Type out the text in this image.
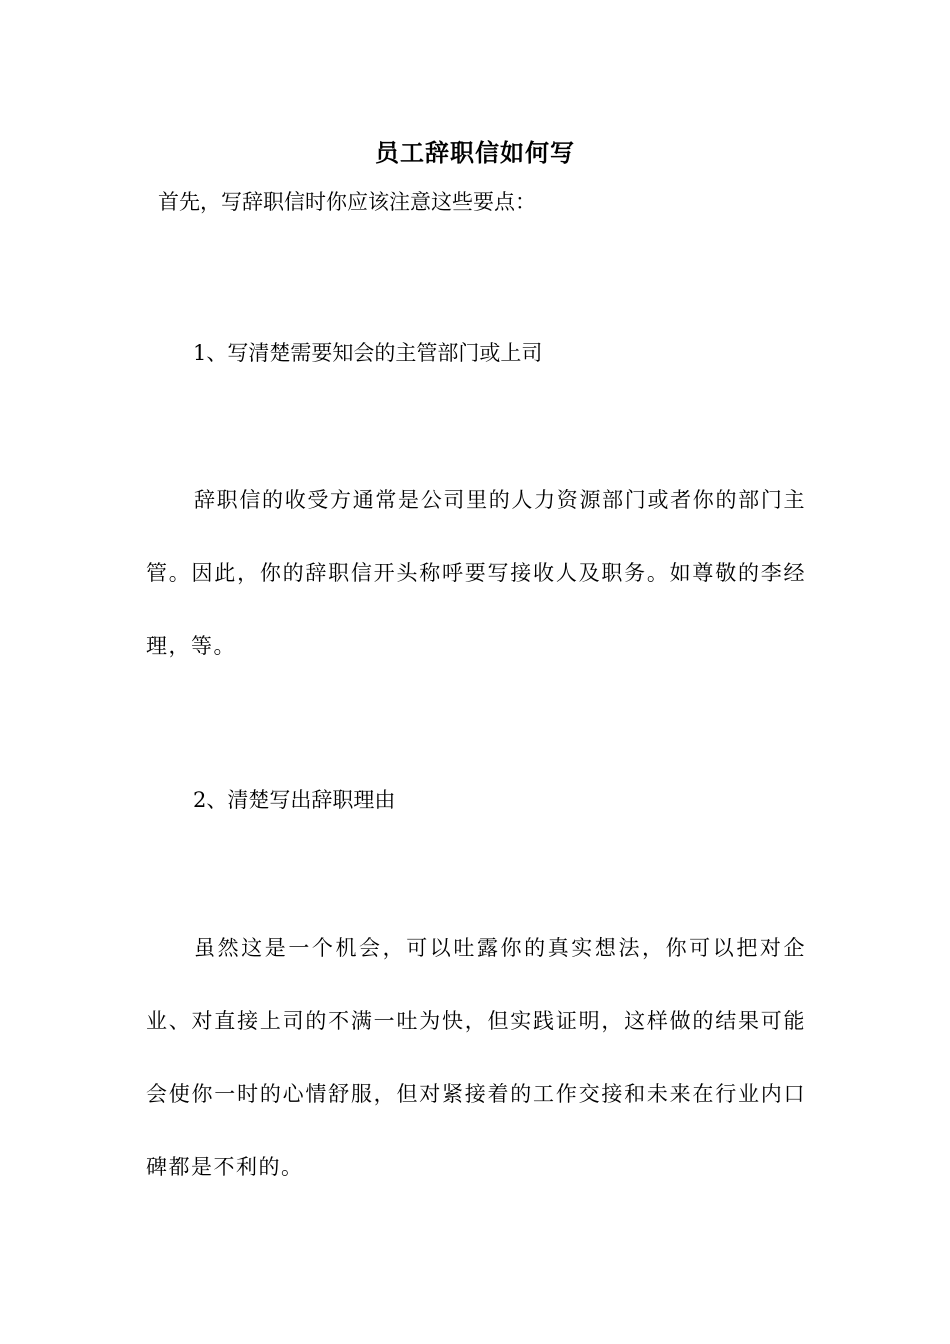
员工辞职信如何写
首先，写辞职信时你应该注意这些要点：
1、写清楚需要知会的主管部门或上司

辞职信的收受方通常是公司里的人力资源部门或者你的部门主管。因此，你的辞职信开头称呼要写接收人及职务。如尊敬的李经理，等。

2、清楚写出辞职理由

虽然这是一个机会，可以吐露你的真实想法，你可以把对企业、对直接上司的不满一吐为快，但实践证明，这样做的结果可能会使你一时的心情舒服，但对紧接着的工作交接和未来在行业内口碑都是不利的。
